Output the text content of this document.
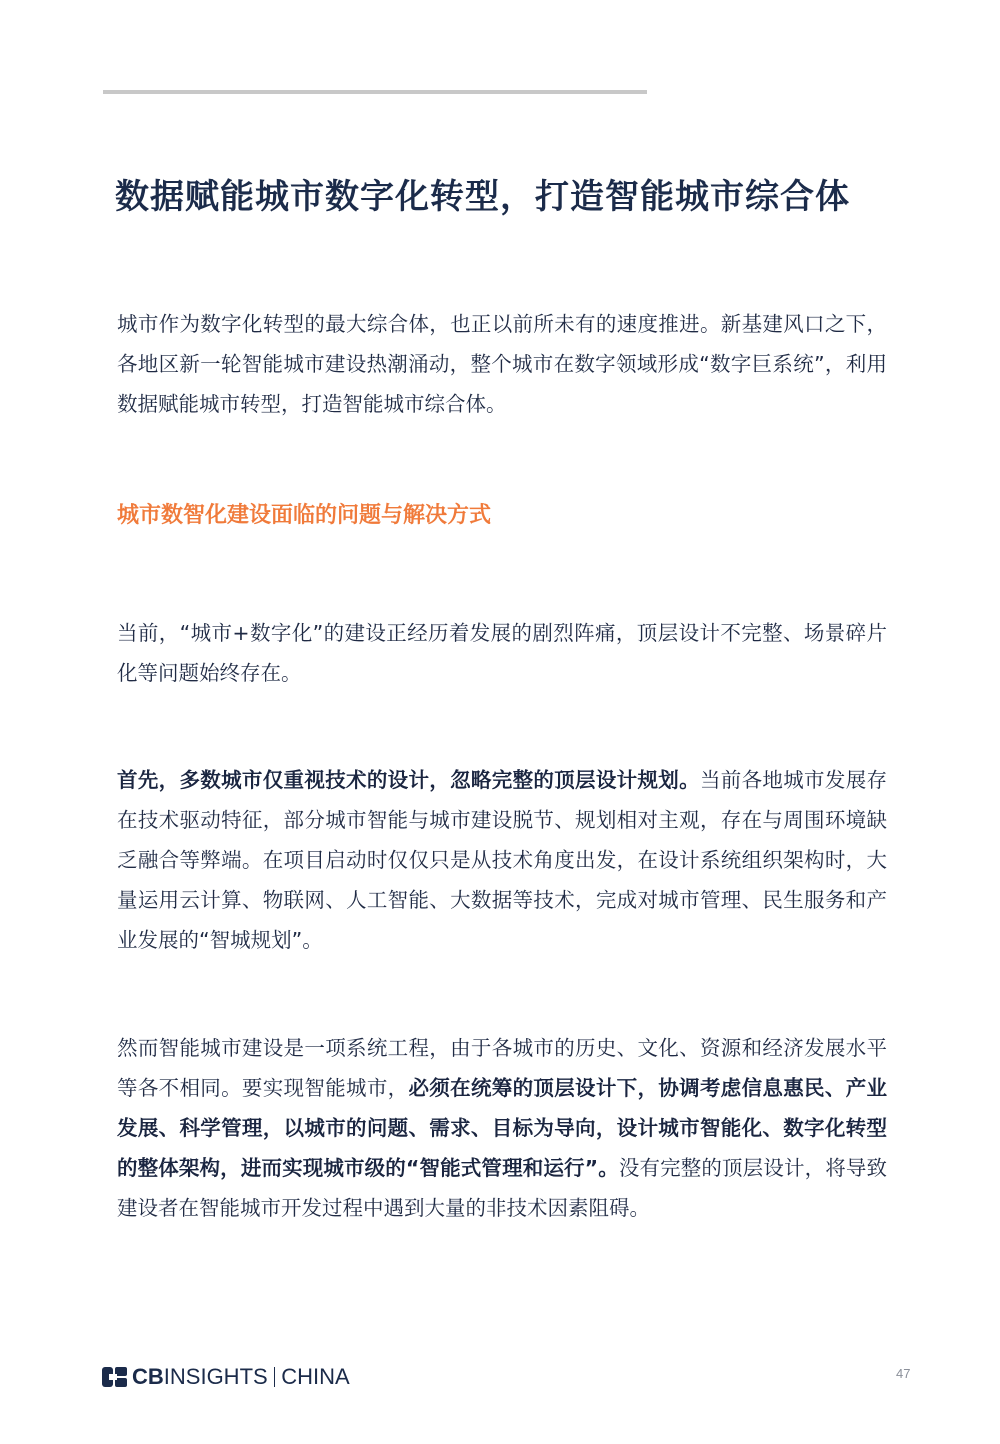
数据赋能城市数字化转型，打造智能城市综合体

城市作为数字化转型的最大综合体，也正以前所未有的速度推进。新基建风口之下，各地区新一轮智能城市建设热潮涌动，整个城市在数字领域形成“数字巨系统”，利用数据赋能城市转型，打造智能城市综合体。

城市数智化建设面临的问题与解决方式

当前，“城市+数字化”的建设正经历着发展的剧烈阵痛，顶层设计不完整、场景碎片化等问题始终存在。

首先，多数城市仅重视技术的设计，忽略完整的顶层设计规划。当前各地城市发展存在技术驱动特征，部分城市智能与城市建设脱节、规划相对主观，存在与周围环境缺乏融合等弊端。在项目启动时仅仅只是从技术角度出发，在设计系统组织架构时，大量运用云计算、物联网、人工智能、大数据等技术，完成对城市管理、民生服务和产业发展的“智城规划”。

然而智能城市建设是一项系统工程，由于各城市的历史、文化、资源和经济发展水平等各不相同。要实现智能城市，必须在统筹的顶层设计下，协调考虑信息惠民、产业发展、科学管理，以城市的问题、需求、目标为导向，设计城市智能化、数字化转型的整体架构，进而实现城市级的“智能式管理和运行”。没有完整的顶层设计，将导致建设者在智能城市开发过程中遇到大量的非技术因素阻碍。

CBINSIGHTS CHINA	47
